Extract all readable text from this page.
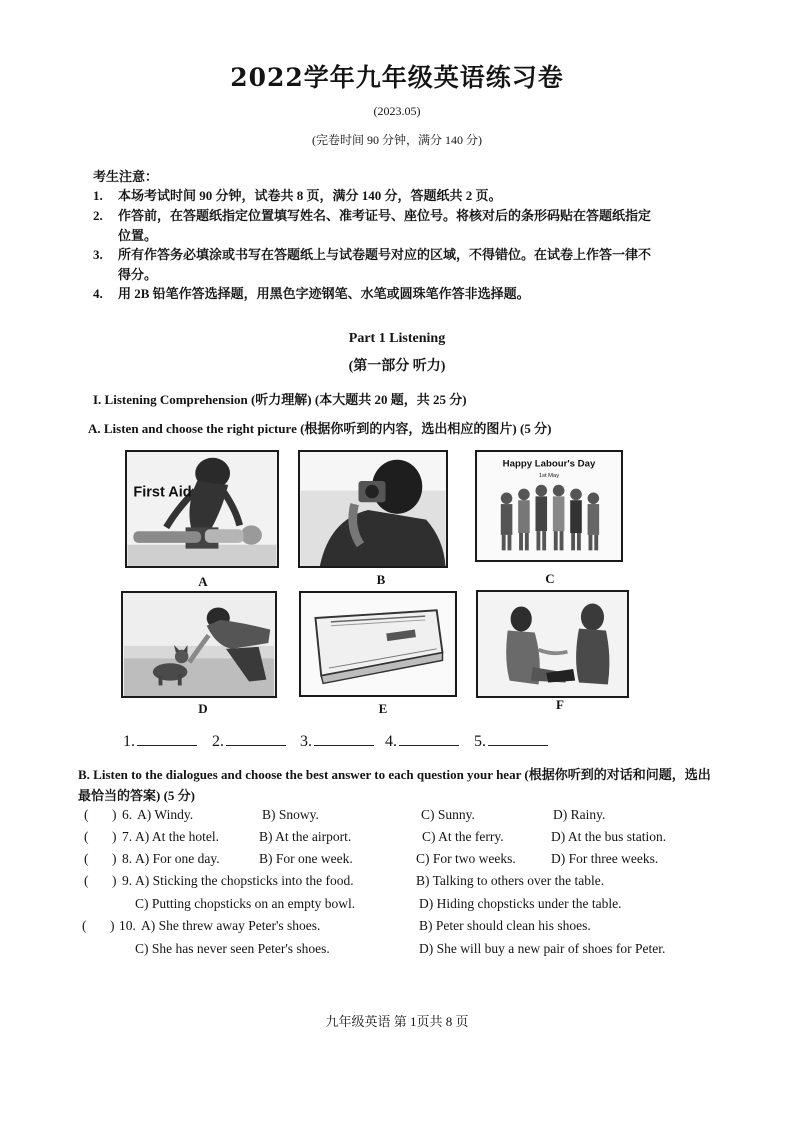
2022学年九年级英语练习卷
(2023.05)
(完卷时间 90 分钟，满分 140 分)
考生注意：
1. 本场考试时间 90 分钟，试卷共 8 页，满分 140 分，答题纸共 2 页。
2. 作答前，在答题纸指定位置填写姓名、准考证号、座位号。将核对后的条形码贴在答题纸指定
位置。
3. 所有作答务必填涂或书写在答题纸上与试卷题号对应的区域，不得错位。在试卷上作答一律不
得分。
4. 用 2B 铅笔作答选择题，用黑色字迹钢笔、水笔或圆珠笔作答非选择题。
Part 1 Listening
(第一部分 听力)
I. Listening Comprehension (听力理解) (本大题共 20 题，共 25 分)
A. Listen and choose the right picture (根据你听到的内容，选出相应的图片) (5 分)
First Aid
A	B
Happy Labour's Day
1st May
C
D	E	F
1.	2.	3.	4.	5.
B. Listen to the dialogues and choose the best answer to each question your hear (根据你听到的对话和问题，选出最恰当的答案) (5 分)
( ) 6. A) Windy.	B) Snowy.	C) Sunny.	D) Rainy.
( ) 7. A) At the hotel.	B) At the airport.	C) At the ferry.	D) At the bus station.
( ) 8. A) For one day.	B) For one week.	C) For two weeks.	D) For three weeks.
( ) 9. A) Sticking the chopsticks into the food.	B) Talking to others over the table.
C) Putting chopsticks on an empty bowl.	D) Hiding chopsticks under the table.
( ) 10. A) She threw away Peter's shoes.	B) Peter should clean his shoes.
C) She has never seen Peter's shoes.	D) She will buy a new pair of shoes for Peter.
九年级英语 第 1页共 8 页
